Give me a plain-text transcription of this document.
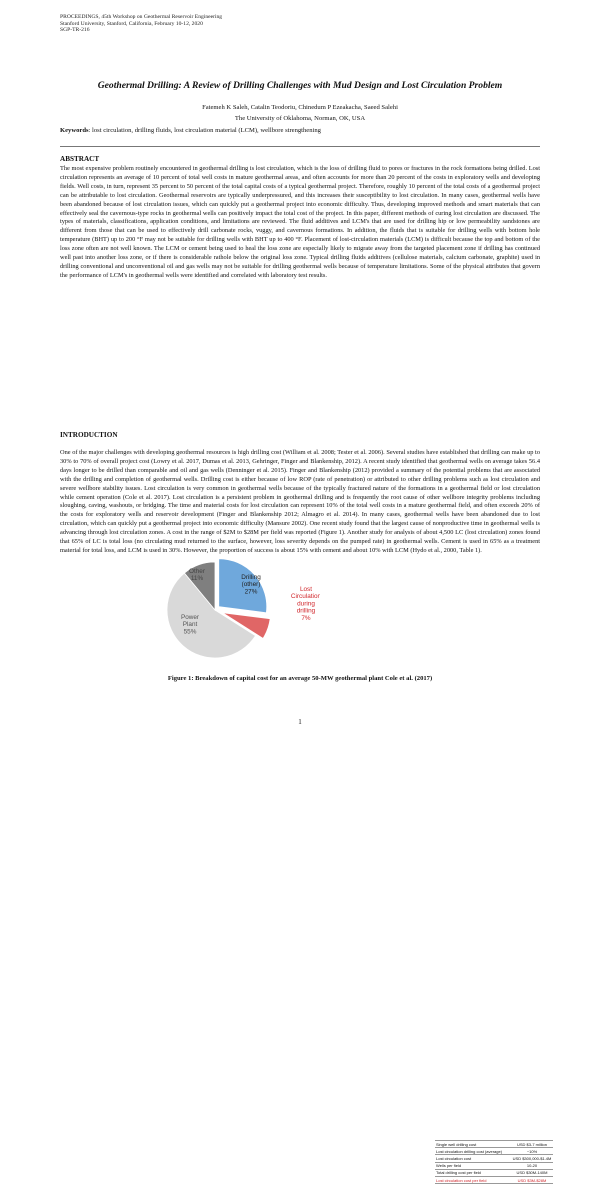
PROCEEDINGS, 45th Workshop on Geothermal Reservoir Engineering
Stanford University, Stanford, California, February 10-12, 2020
SGP-TR-216
Geothermal Drilling: A Review of Drilling Challenges with Mud Design and Lost Circulation Problem
Fatemeh K Saleh, Catalin Teodoriu, Chinedum P Ezeakacha, Saeed Salehi
The University of Oklahoma, Norman, OK, USA
Keywords: lost circulation, drilling fluids, lost circulation material (LCM), wellbore strengthening
ABSTRACT
The most expensive problem routinely encountered in geothermal drilling is lost circulation, which is the loss of drilling fluid to pores or fractures in the rock formations being drilled. Lost circulation represents an average of 10 percent of total well costs in mature geothermal areas, and often accounts for more than 20 percent of the costs in exploratory wells and developing fields. Well costs, in turn, represent 35 percent to 50 percent of the total capital costs of a typical geothermal project. Therefore, roughly 10 percent of the total costs of a geothermal project can be attributable to lost circulation. Geothermal reservoirs are typically underpressured, and this increases their susceptibility to lost circulation. In many cases, geothermal wells have been abandoned because of lost circulation issues, which can quickly put a geothermal project into economic difficulty. Thus, developing improved methods and smart materials that can effectively seal the cavernous-type rocks in geothermal wells can positively impact the total cost of the project. In this paper, different methods of curing lost circulation are discussed. The types of materials, classifications, application conditions, and limitations are reviewed. The fluid additives and LCM's that are used for drilling hip or low permeability sandstones are different from those that can be used to effectively drill carbonate rocks, vuggy, and cavernous formations. In addition, the fluids that is suitable for drilling wells with bottom hole temperature (BHT) up to 200 °F may not be suitable for drilling wells with BHT up to 400 °F. Placement of lost-circulation materials (LCM) is difficult because the top and bottom of the loss zone often are not well known. The LCM or cement being used to heal the loss zone are especially likely to migrate away from the targeted placement zone if drilling has continued well past into another loss zone, or if there is considerable rathole below the original loss zone. Typical drilling fluids additives (cellulose materials, calcium carbonate, graphite) used in drilling conventional and unconventional oil and gas wells may not be suitable for drilling geothermal wells because of temperature limitations. Some of the physical attributes that govern the performance of LCM's in geothermal wells were identified and correlated with laboratory test results.
INTRODUCTION
One of the major challenges with developing geothermal resources is high drilling cost (William et al. 2008; Tester et al. 2006). Several studies have established that drilling can make up to 30% to 70% of overall project cost (Lowry et al. 2017, Dumas et al. 2013, Gehringer, Finger and Blankenship, 2012). A recent study identified that geothermal wells on average takes 56.4 days longer to be drilled than comparable and oil and gas wells (Denninger et al. 2015). Finger and Blankenship (2012) provided a summary of the potential problems that are associated with the drilling and completion of geothermal wells. Drilling cost is either because of low ROP (rate of penetration) or attributed to other drilling problems such as lost circulation and severe wellbore stability issues. Lost circulation is very common in geothermal wells because of the typically fractured nature of the formations in a geothermal field or lost circulation while cement operation (Cole et al. 2017). Lost circulation is a persistent problem in geothermal drilling and is frequently the root cause of other wellbore integrity problems including sloughing, caving, washouts, or bridging. The time and material costs for lost circulation can represent 10% of the total well costs in a mature geothermal field, and often exceeds 20% of the costs for exploratory wells and reservoir development (Finger and Blankenship 2012; Almagro et al. 2014). In many cases, geothermal wells have been abandoned due to lost circulation, which can quickly put a geothermal project into economic difficulty (Mansure 2002). One recent study found that the largest cause of nonproductive time in geothermal wells is advancing through lost circulation zones. A cost in the range of $2M to $28M per field was reported (Figure 1). Another study for analysis of about 4,500 LC (lost circulation) zones found that 65% of LC is total loss (no circulating mud returned to the surface, however, loss severity depends on the pumped rate) in geothermal wells. Cement is used in 65% as a treatment material for total loss, and LCM is used in 30%. However, the proportion of success is about 15% with cement and about 10% with LCM (Hydo et al., 2000, Table 1).
Drilling (other) 27%	Lost Circulation during drilling 7%
Power Plant 55%
Other 11%
Single well drilling cost	USD $3-7 million
Lost circulation drilling cost (average)	~10%
Lost circulation cost	USD $300,000-$1.4M
Wells per field	10-20
Total drilling cost per field	USD $30M-140M
Lost circulation cost per field	USD $3M-$28M
Figure 1: Breakdown of capital cost for an average 50-MW geothermal plant Cole et al. (2017)
1
